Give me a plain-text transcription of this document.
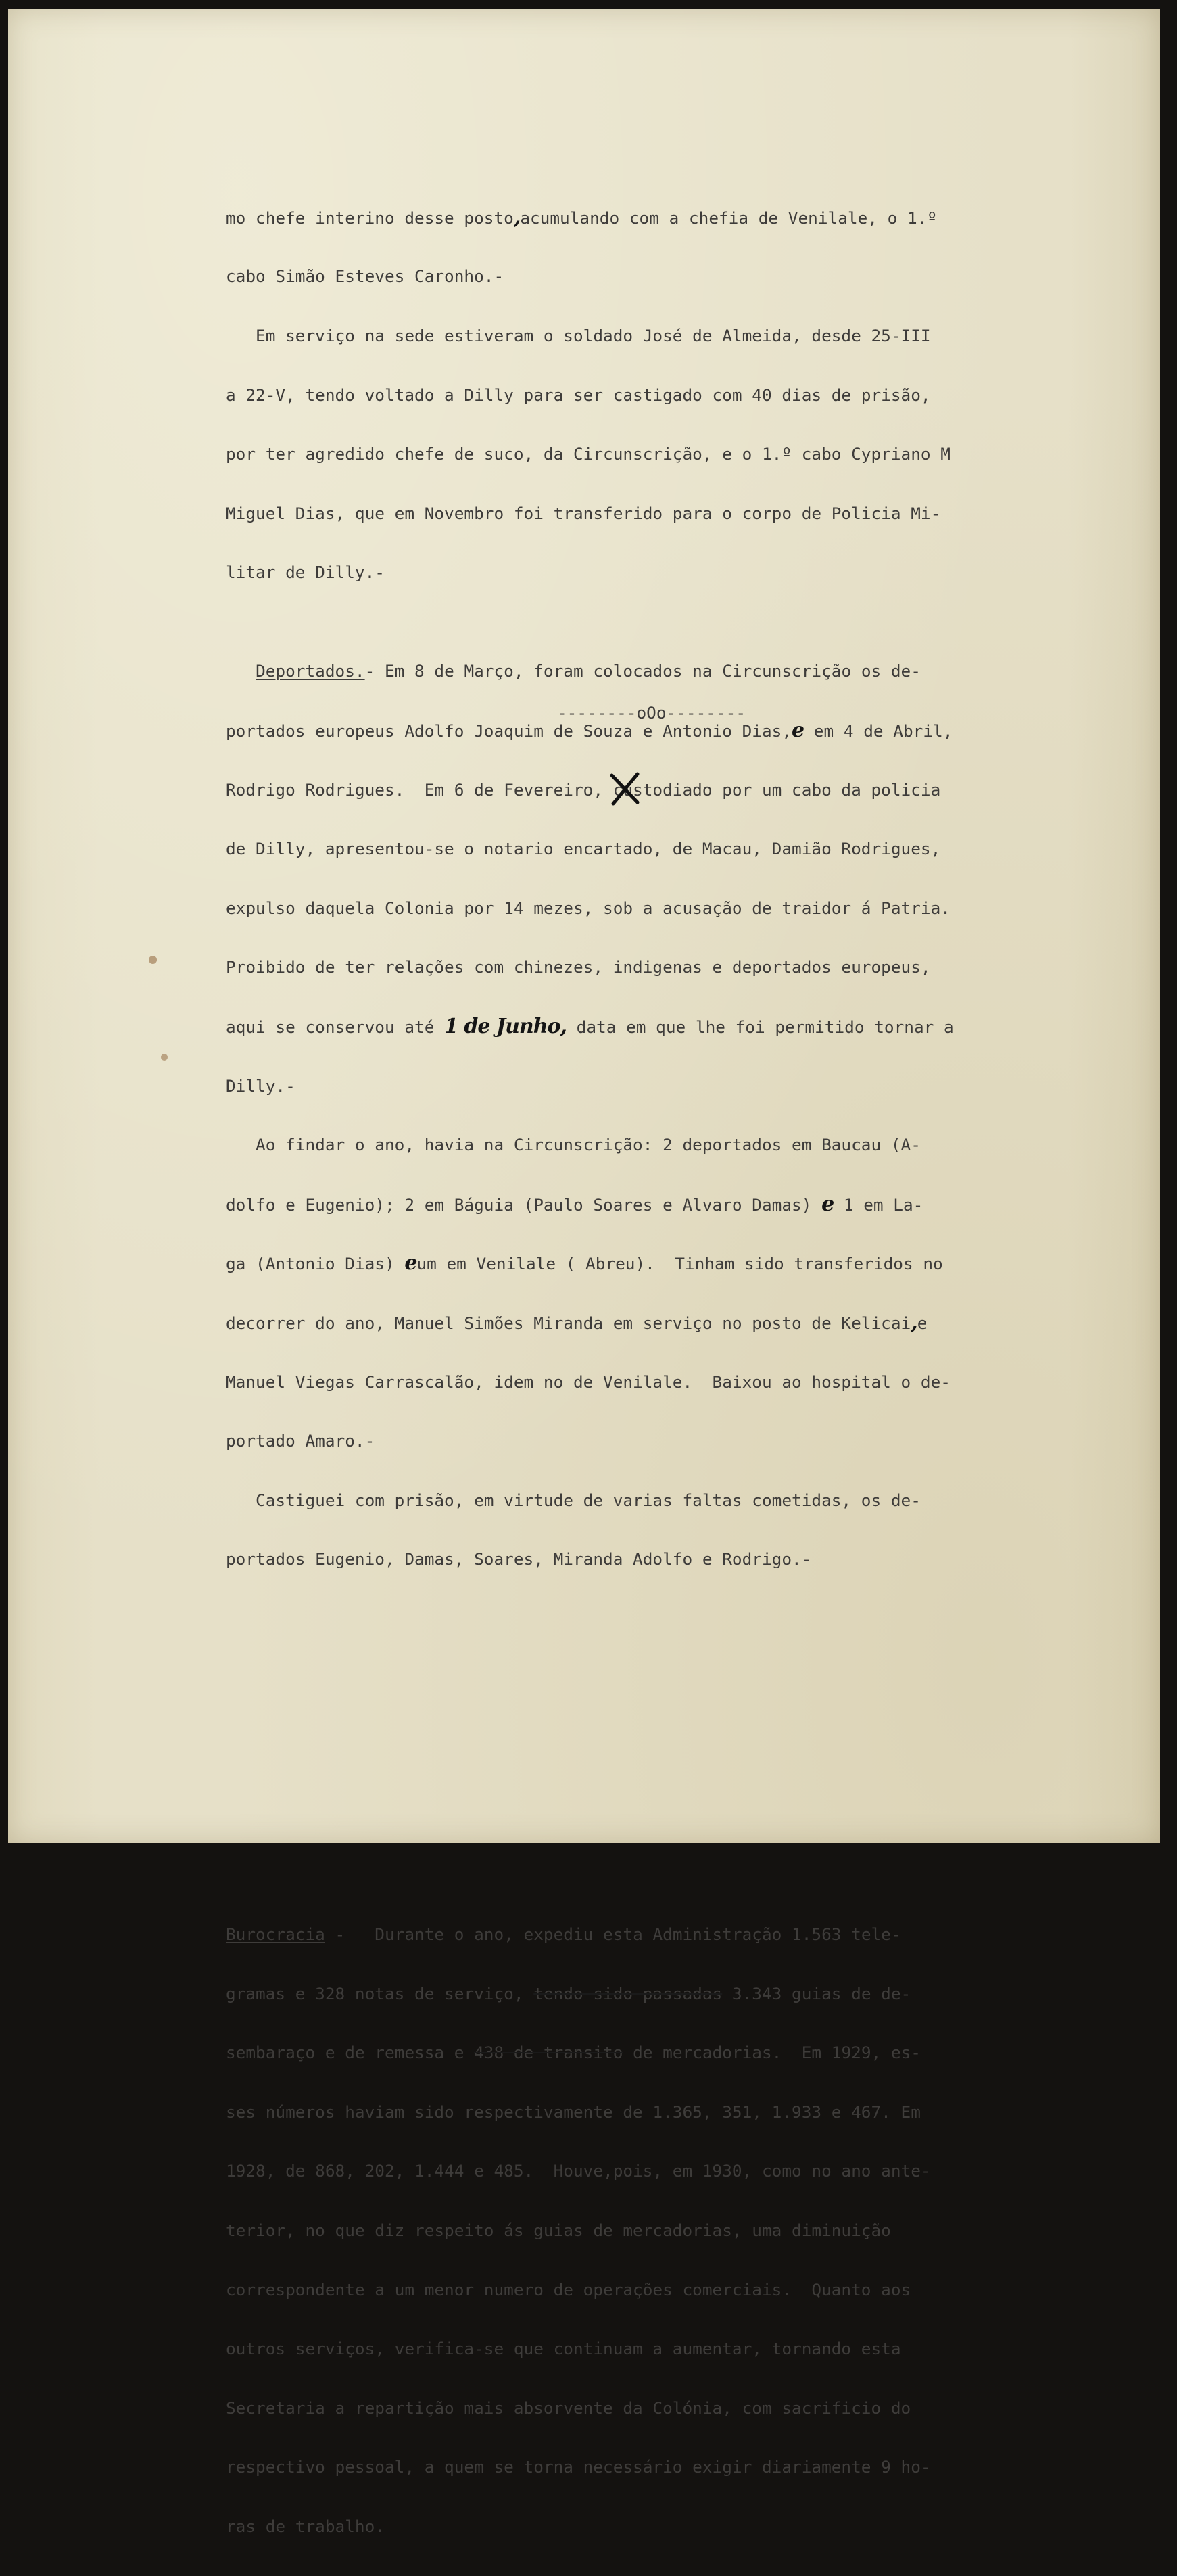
mo chefe interino desse posto,acumulando com a chefia de Venilale, o 1.º

cabo Simão Esteves Caronho.-

Em serviço na sede estiveram o soldado José de Almeida, desde 25-III

a 22-V, tendo voltado a Dilly para ser castigado com 40 dias de prisão,

por ter agredido chefe de suco, da Circunscrição, e o 1.º cabo Cypriano M

Miguel Dias, que em Novembro foi transferido para o corpo de Policia Mi-

litar de Dilly.-

Deportados.- Em 8 de Março, foram colocados na Circunscrição os de-

portados europeus Adolfo Joaquim de Souza e Antonio Dias,e em 4 de Abril,

Rodrigo Rodrigues.  Em 6 de Fevereiro, custodiado por um cabo da policia

de Dilly, apresentou-se o notario encartado, de Macau, Damião Rodrigues,

expulso daquela Colonia por 14 mezes, sob a acusação de traidor á Patria.

Proibido de ter relações com chinezes, indigenas e deportados europeus,

aqui se conservou até 1 de Junho, data em que lhe foi permitido tornar a

Dilly.-

Ao findar o ano, havia na Circunscrição: 2 deportados em Baucau (A-

dolfo e Eugenio); 2 em Báguia (Paulo Soares e Alvaro Damas) e 1 em La-

ga (Antonio Dias) eum em Venilale ( Abreu).  Tinham sido transferidos no

decorrer do ano, Manuel Simões Miranda em serviço no posto de Kelicai,e

Manuel Viegas Carrascalão, idem no de Venilale.  Baixou ao hospital o de-

portado Amaro.-

Castiguei com prisão, em virtude de varias faltas cometidas, os de-

portados Eugenio, Damas, Soares, Miranda Adolfo e Rodrigo.-

Burocracia -   Durante o ano, expediu esta Administração 1.563 tele-

gramas e 328 notas de serviço, tendo sido passadas 3.343 guias de de-

sembaraço e de remessa e 438 de transito de mercadorias.  Em 1929, es-

ses números haviam sido respectivamente de 1.365, 351, 1.933 e 467. Em

1928, de 868, 202, 1.444 e 485.  Houve,pois, em 1930, como no ano ante-

terior, no que diz respeito ás guias de mercadorias, uma diminuição

correspondente a um menor numero de operações comerciais.  Quanto aos

outros serviços, verifica-se que continuam a aumentar, tornando esta

Secretaria a repartição mais absorvente da Colónia, com sacrificio do

respectivo pessoal, a quem se torna necessário exigir diariamente 9 ho-

ras de trabalho.

--------oOo--------
